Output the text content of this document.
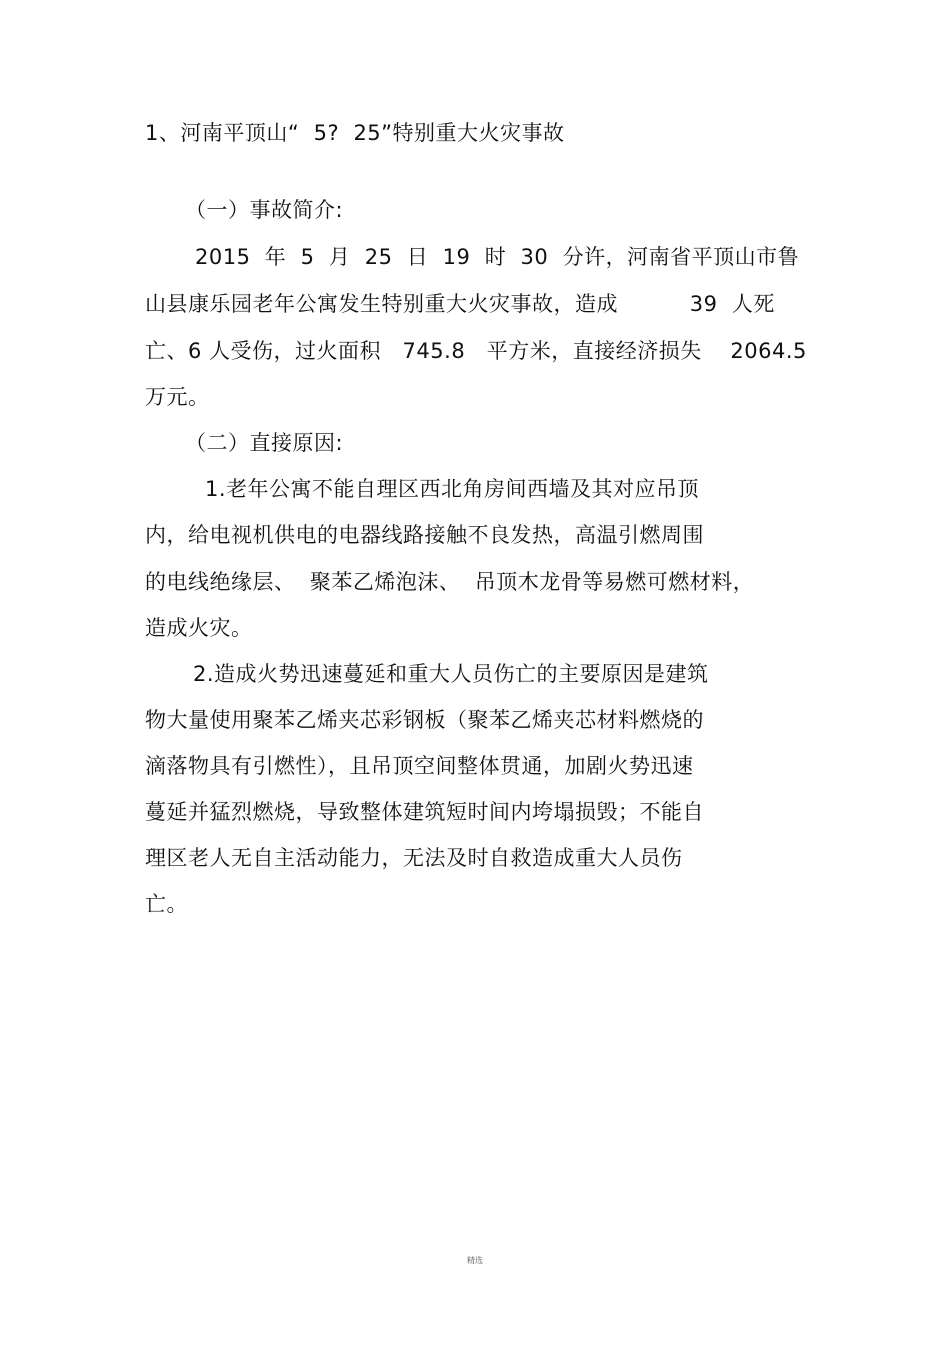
1、河南平顶山“  5?  25”特别重大火灾事故
（一）事故简介:
2015  年  5  月  25  日  19  时  30  分许，河南省平顶山市鲁
山县康乐园老年公寓发生特别重大火灾事故，造成          39  人死
亡、6 人受伤，过火面积   745.8   平方米，直接经济损失    2064.5
万元。
（二）直接原因:
1.老年公寓不能自理区西北角房间西墙及其对应吊顶
内，给电视机供电的电器线路接触不良发热，高温引燃周围
的电线绝缘层、  聚苯乙烯泡沫、  吊顶木龙骨等易燃可燃材料，
造成火灾。
2.造成火势迅速蔓延和重大人员伤亡的主要原因是建筑
物大量使用聚苯乙烯夹芯彩钢板（聚苯乙烯夹芯材料燃烧的
滴落物具有引燃性），且吊顶空间整体贯通，加剧火势迅速
蔓延并猛烈燃烧，导致整体建筑短时间内垮塌损毁；不能自
理区老人无自主活动能力，无法及时自救造成重大人员伤
亡。
精选
